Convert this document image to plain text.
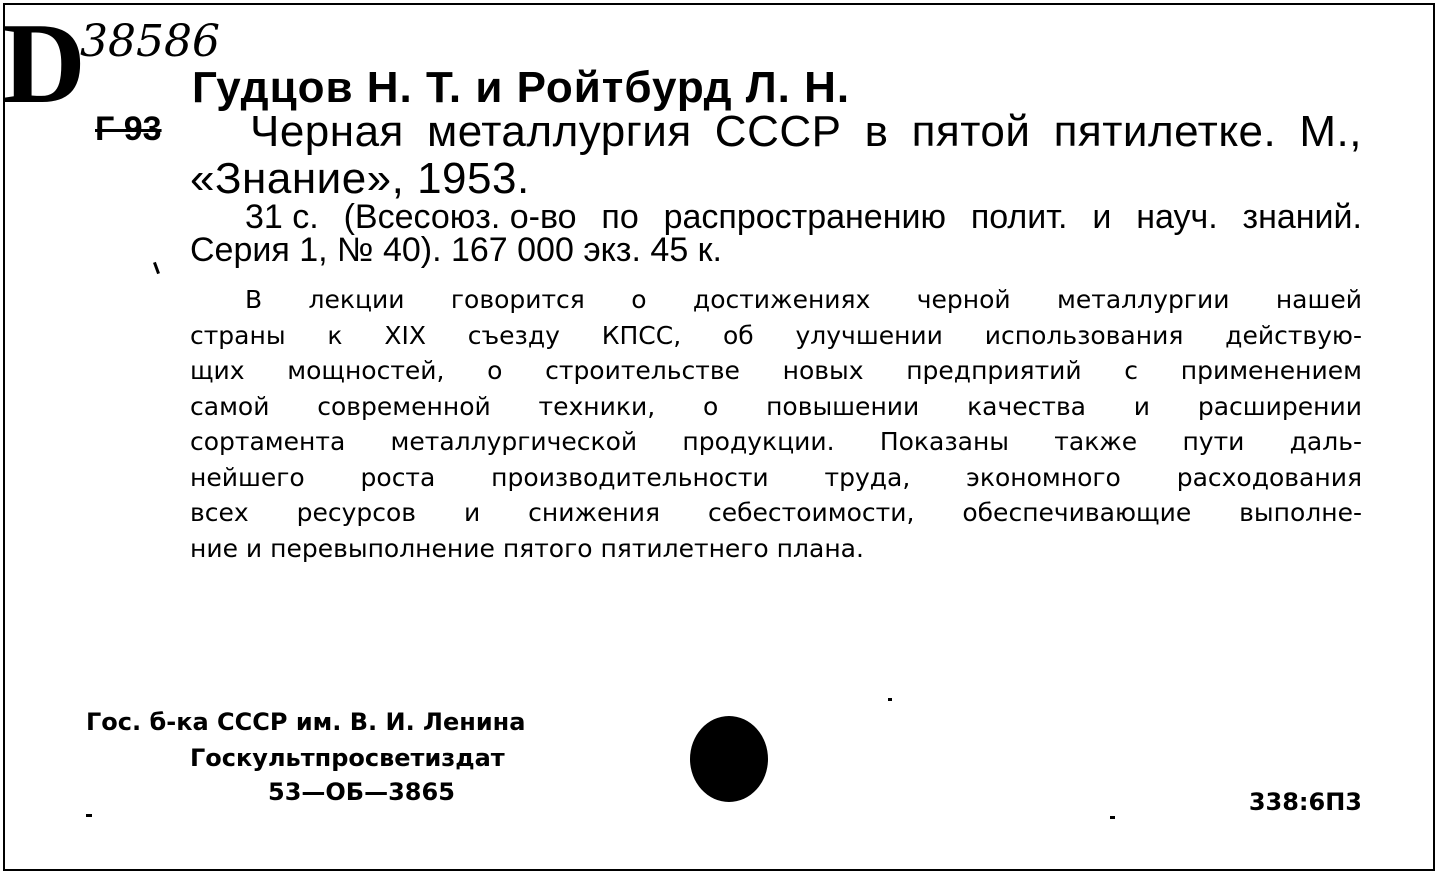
D
38586
Г 93
Гудцов Н. Т. и Ройтбурд Л. Н.
Черная металлургия СССР в пятой пятилетке. М.,
«Знание», 1953.
31 с. (Всесоюз. о-во по распространению полит. и науч. знаний.
Серия 1, № 40). 167 000 экз. 45 к.
В лекции говорится о достижениях черной металлургии нашей
страны к XIX съезду КПСС, об улучшении использования действую-
щих мощностей, о строительстве новых предприятий с применением
самой современной техники, о повышении качества и расширении
сортамента металлургической продукции. Показаны также пути даль-
нейшего роста производительности труда, экономного расходования
всех ресурсов и снижения себестоимости, обеспечивающие выполне-
ние и перевыполнение пятого пятилетнего плана.
Гос. б-ка СССР им. В. И. Ленина
Госкультпросветиздат
53—ОБ—3865	338:6П3
